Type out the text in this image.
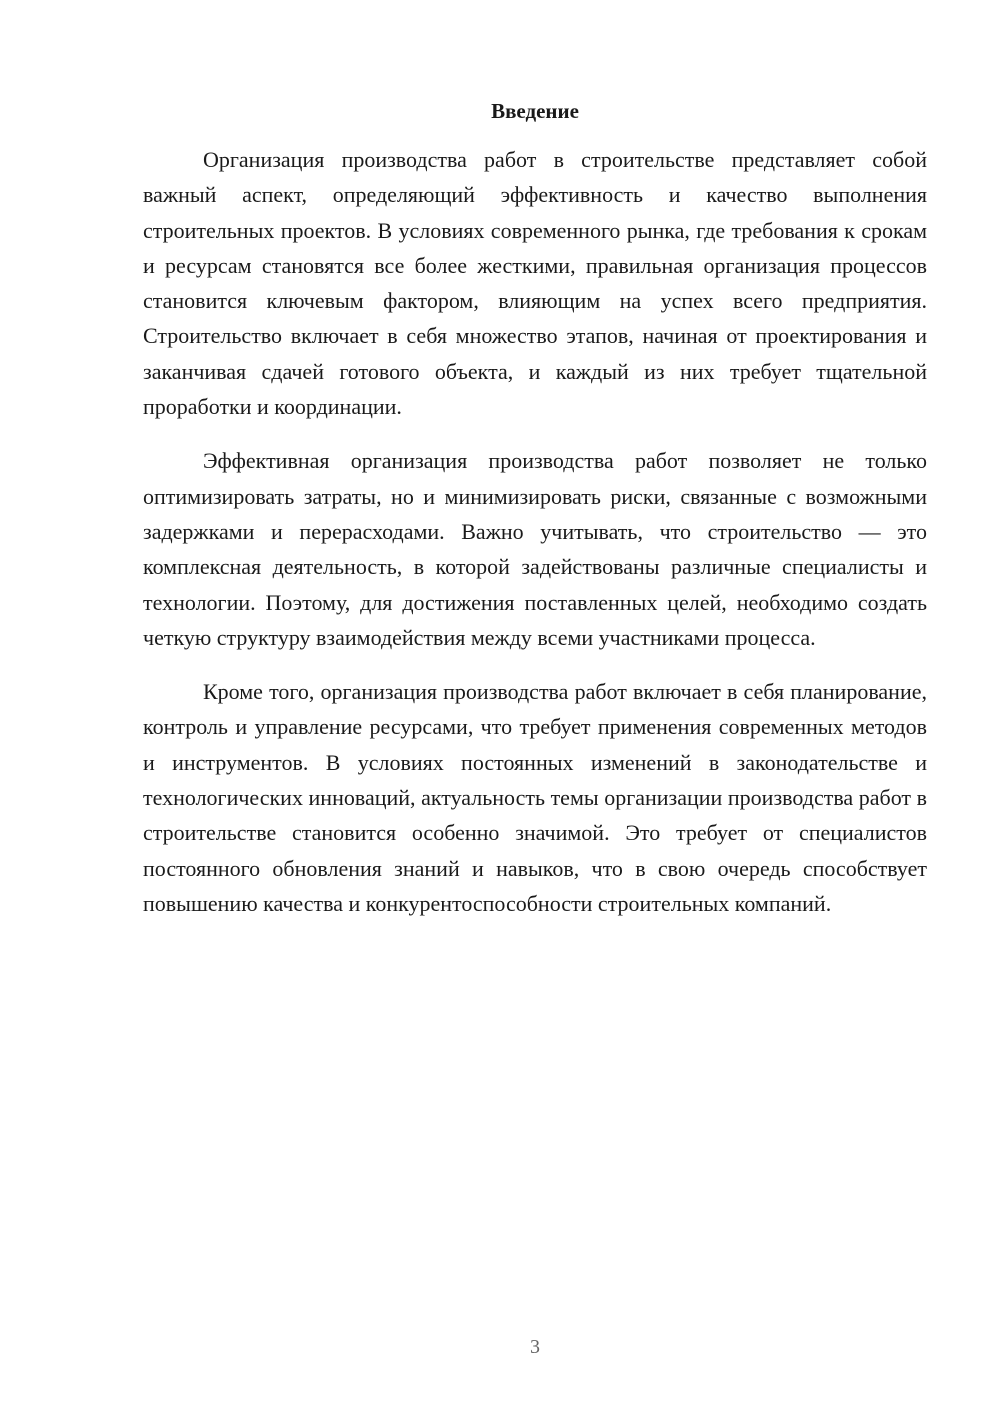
Введение

Организация производства работ в строительстве представляет собой важный аспект, определяющий эффективность и качество выполнения строительных проектов. В условиях современного рынка, где требования к срокам и ресурсам становятся все более жесткими, правильная организация процессов становится ключевым фактором, влияющим на успех всего предприятия. Строительство включает в себя множество этапов, начиная от проектирования и заканчивая сдачей готового объекта, и каждый из них требует тщательной проработки и координации.

Эффективная организация производства работ позволяет не только оптимизировать затраты, но и минимизировать риски, связанные с возможными задержками и перерасходами. Важно учитывать, что строительство — это комплексная деятельность, в которой задействованы различные специалисты и технологии. Поэтому, для достижения поставленных целей, необходимо создать четкую структуру взаимодействия между всеми участниками процесса.

Кроме того, организация производства работ включает в себя планирование, контроль и управление ресурсами, что требует применения современных методов и инструментов. В условиях постоянных изменений в законодательстве и технологических инноваций, актуальность темы организации производства работ в строительстве становится особенно значимой. Это требует от специалистов постоянного обновления знаний и навыков, что в свою очередь способствует повышению качества и конкурентоспособности строительных компаний.

3
